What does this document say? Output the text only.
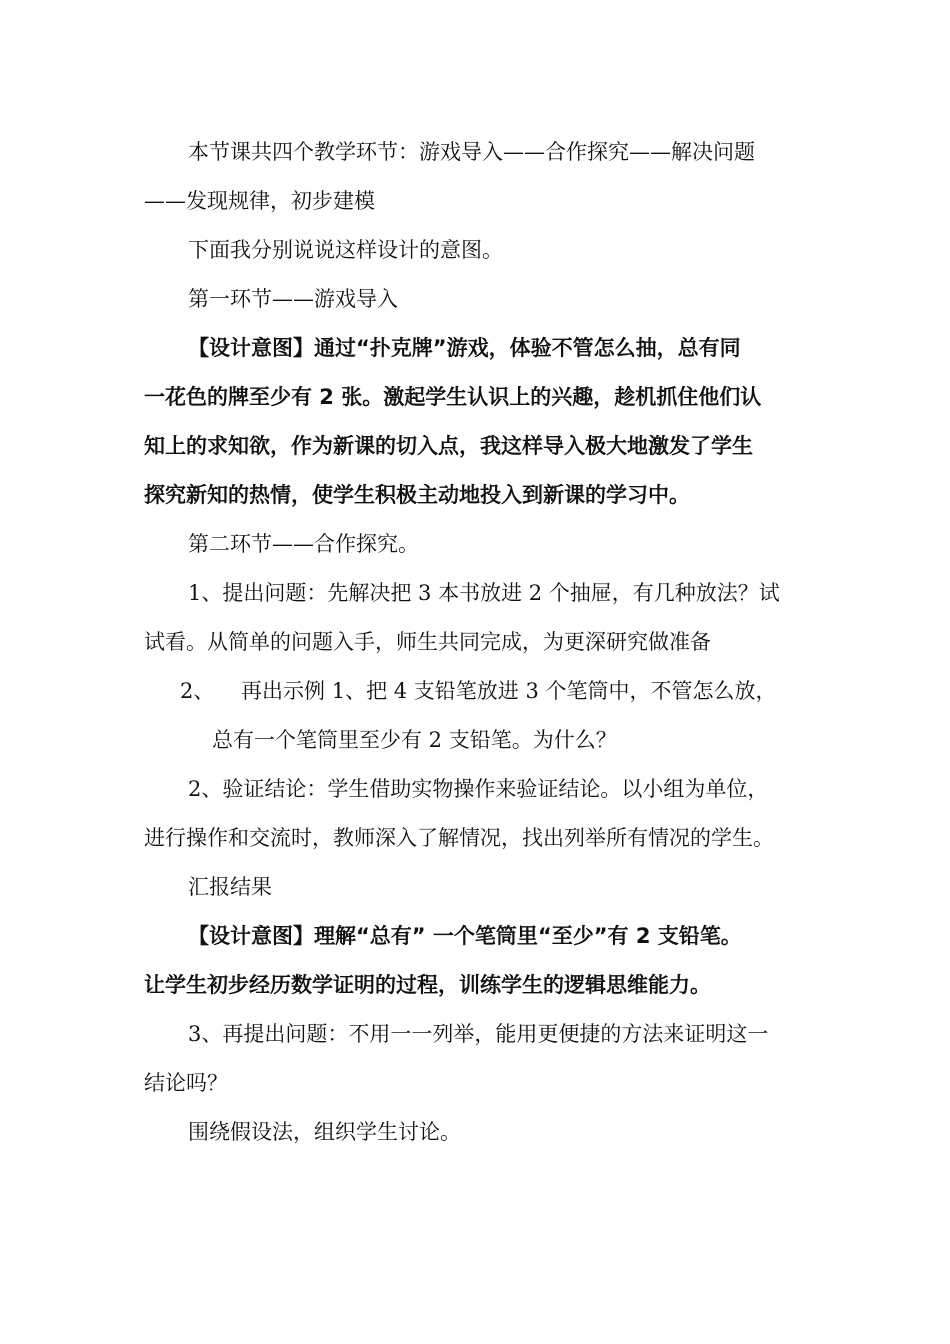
本节课共四个教学环节：游戏导入——合作探究——解决问题
——发现规律，初步建模
下面我分别说说这样设计的意图。
第一环节——游戏导入
【设计意图】通过“扑克牌”游戏，体验不管怎么抽，总有同
一花色的牌至少有 2 张。激起学生认识上的兴趣，趁机抓住他们认
知上的求知欲，作为新课的切入点，我这样导入极大地激发了学生
探究新知的热情，使学生积极主动地投入到新课的学习中。
第二环节——合作探究。
1、提出问题：先解决把 3 本书放进 2 个抽屉，有几种放法？试
试看。从简单的问题入手，师生共同完成，为更深研究做准备
2、    再出示例 1、把 4 支铅笔放进 3 个笔筒中，不管怎么放，
总有一个笔筒里至少有 2 支铅笔。为什么？
2、验证结论：学生借助实物操作来验证结论。以小组为单位，
进行操作和交流时，教师深入了解情况，找出列举所有情况的学生。
汇报结果
【设计意图】理解“总有” 一个笔筒里“至少”有 2 支铅笔。
让学生初步经历数学证明的过程，训练学生的逻辑思维能力。
3、再提出问题：不用一一列举，能用更便捷的方法来证明这一
结论吗？
围绕假设法，组织学生讨论。
